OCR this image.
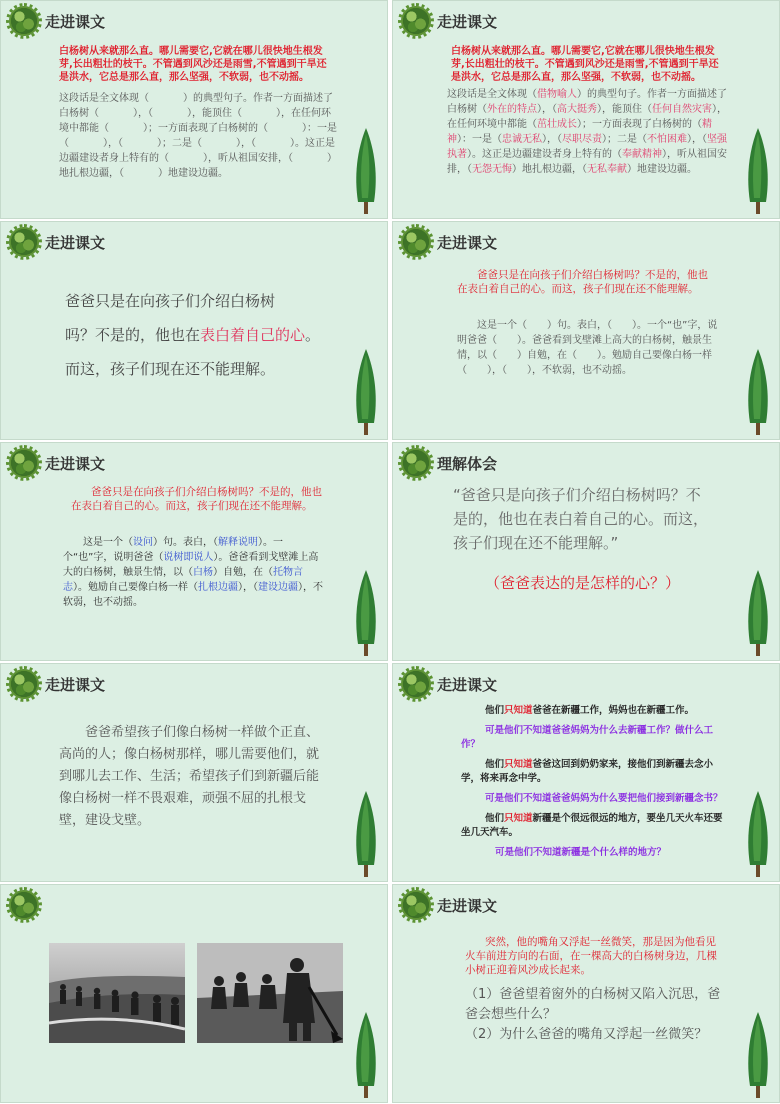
走进课文
白杨树从来就那么直。哪儿需要它,它就在哪儿很快地生根发芽,长出粗壮的枝干。不管遇到风沙还是雨雪,不管遇到干旱还是洪水，它总是那么直，那么坚强，不软弱，也不动摇。
这段话是全文体现（	）的典型句子。作者一方面描述了白杨树（	），（	），能顶住（	），在任何环境中都能（	）；一方面表现了白杨树的（	）：一是（	），（	）；二是（	），（	）。这正是边疆建设者身上特有的（	），听从祖国安排，（	）地扎根边疆，（	）地建设边疆。
走进课文
白杨树从来就那么直。哪儿需要它,它就在哪儿很快地生根发芽,长出粗壮的枝干。不管遇到风沙还是雨雪,不管遇到干旱还是洪水，它总是那么直，那么坚强，不软弱，也不动摇。
这段话是全文体现（借物喻人）的典型句子。作者一方面描述了白杨树（外在的特点），（高大挺秀），能顶住（任何自然灾害），在任何环境中都能（茁壮成长）；一方面表现了白杨树的（精神）：一是（忠诚无私），（尽职尽责）；二是（不怕困难），（坚强执著）。这正是边疆建设者身上特有的（奉献精神），听从祖国安排，（无怨无悔）地扎根边疆，（无私奉献）地建设边疆。
走进课文
爸爸只是在向孩子们介绍白杨树
吗？不是的，他也在表白着自己的心。
而这，孩子们现在还不能理解。
走进课文
爸爸只是在向孩子们介绍白杨树吗？不是的，他也在表白着自己的心。而这，孩子们现在还不能理解。
这是一个（　　）句。表白，（　　）。一个“也”字，说明爸爸（　　）。爸爸看到戈壁滩上高大的白杨树，触景生情，以（　　）自勉，在（　　）。勉励自己要像白杨一样（　　），（　　），不软弱，也不动摇。
走进课文
爸爸只是在向孩子们介绍白杨树吗？不是的，他也在表白着自己的心。而这，孩子们现在还不能理解。
这是一个（设问）句。表白，（解释说明）。一个“也”字，说明爸爸（说树即说人）。爸爸看到戈壁滩上高大的白杨树，触景生情，以（白杨）自勉，在（托物言志）。勉励自己要像白杨一样（扎根边疆），（建设边疆），不软弱，也不动摇。
理解体会
“爸爸只是向孩子们介绍白杨树吗？不是的，他也在表白着自己的心。而这，孩子们现在还不能理解。”
（爸爸表达的是怎样的心？）
走进课文
爸爸希望孩子们像白杨树一样做个正直、高尚的人；像白杨树那样，哪儿需要他们，就到哪儿去工作、生活；希望孩子们到新疆后能像白杨树一样不畏艰难，顽强不屈的扎根戈壁，建设戈壁。
走进课文
他们只知道爸爸在新疆工作，妈妈也在新疆工作。
可是他们不知道爸爸妈妈为什么去新疆工作？做什么工作？
他们只知道爸爸这回到奶奶家来，接他们到新疆去念小学，将来再念中学。
可是他们不知道爸爸妈妈为什么要把他们接到新疆念书？
他们只知道新疆是个很远很远的地方，要坐几天火车还要坐几天汽车。
可是他们不知道新疆是个什么样的地方？
走进课文
突然，他的嘴角又浮起一丝微笑，那是因为他看见火车前进方向的右面，在一棵高大的白杨树身边，几棵小树正迎着风沙成长起来。
（1）爸爸望着窗外的白杨树又陷入沉思，爸爸会想些什么？
（2）为什么爸爸的嘴角又浮起一丝微笑？
